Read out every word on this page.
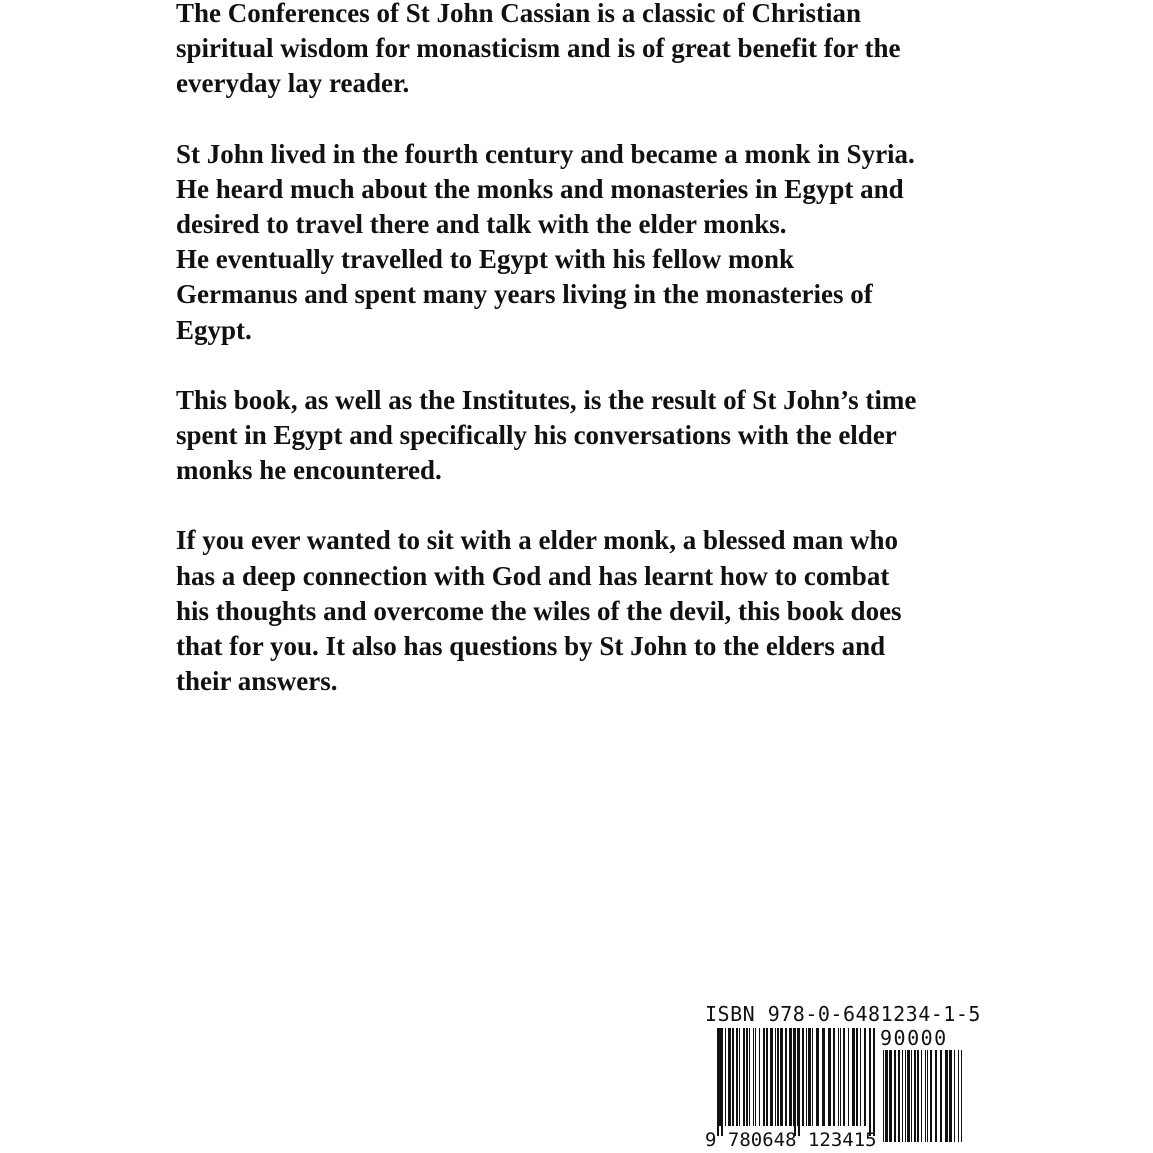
The Conferences of St John Cassian is a classic of Christian
spiritual wisdom for monasticism and is of great benefit for the
everyday lay reader.

St John lived in the fourth century and became a monk in Syria.
He heard much about the monks and monasteries in Egypt and
desired to travel there and talk with the elder monks.
He eventually travelled to Egypt with his fellow monk
Germanus and spent many years living in the monasteries of
Egypt.

This book, as well as the Institutes, is the result of St John’s time
spent in Egypt and specifically his conversations with the elder
monks he encountered.

If you ever wanted to sit with a elder monk, a blessed man who
has a deep connection with God and has learnt how to combat
his thoughts and overcome the wiles of the devil, this book does
that for you. It also has questions by St John to the elders and
their answers.

ISBN 978-0-6481234-1-5
90000
9 780648 123415
